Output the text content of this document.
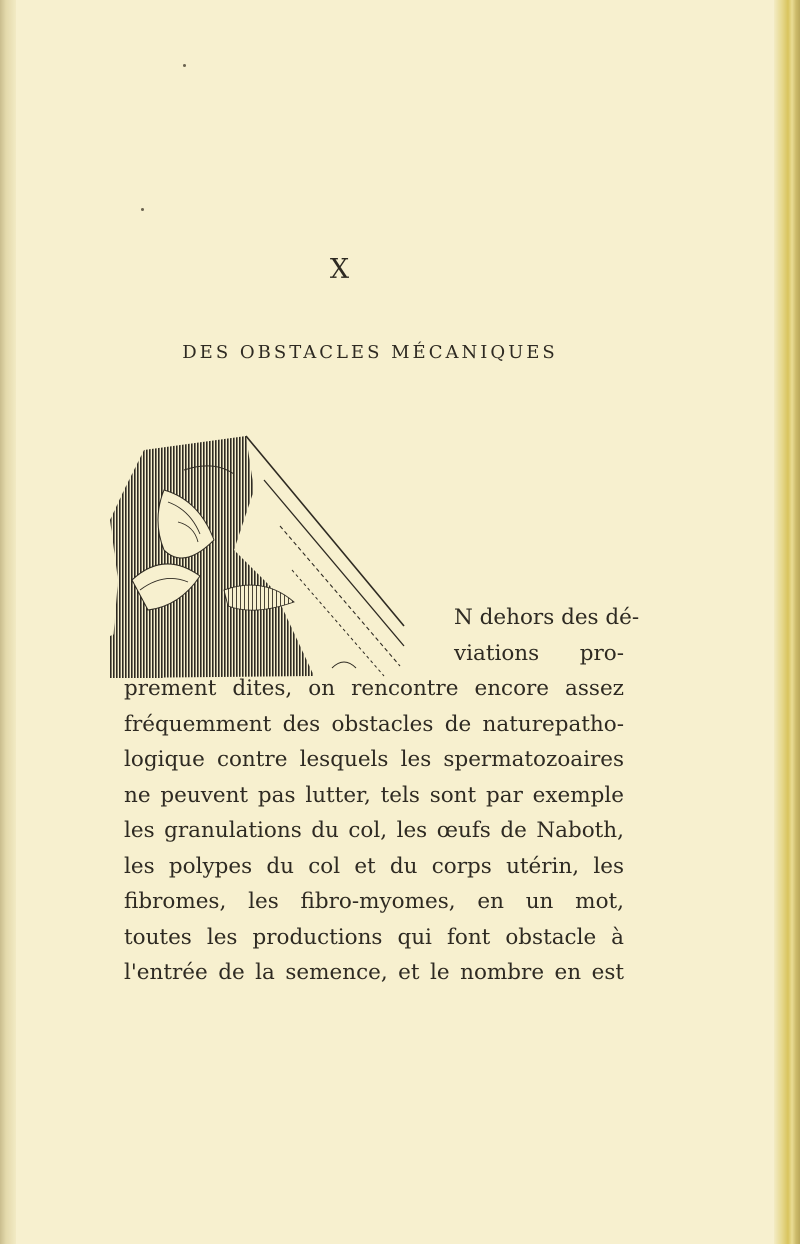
X
DES OBSTACLES MÉCANIQUES
N dehors des dé-
viations pro-
prement dites, on rencontre encore assez
fréquemment des obstacles de naturepatho-
logique contre lesquels les spermatozoaires
ne peuvent pas lutter, tels sont par exemple
les granulations du col, les œufs de Naboth,
les polypes du col et du corps utérin, les
fibromes, les fibro-myomes, en un mot,
toutes les productions qui font obstacle à
l'entrée de la semence, et le nombre en est
